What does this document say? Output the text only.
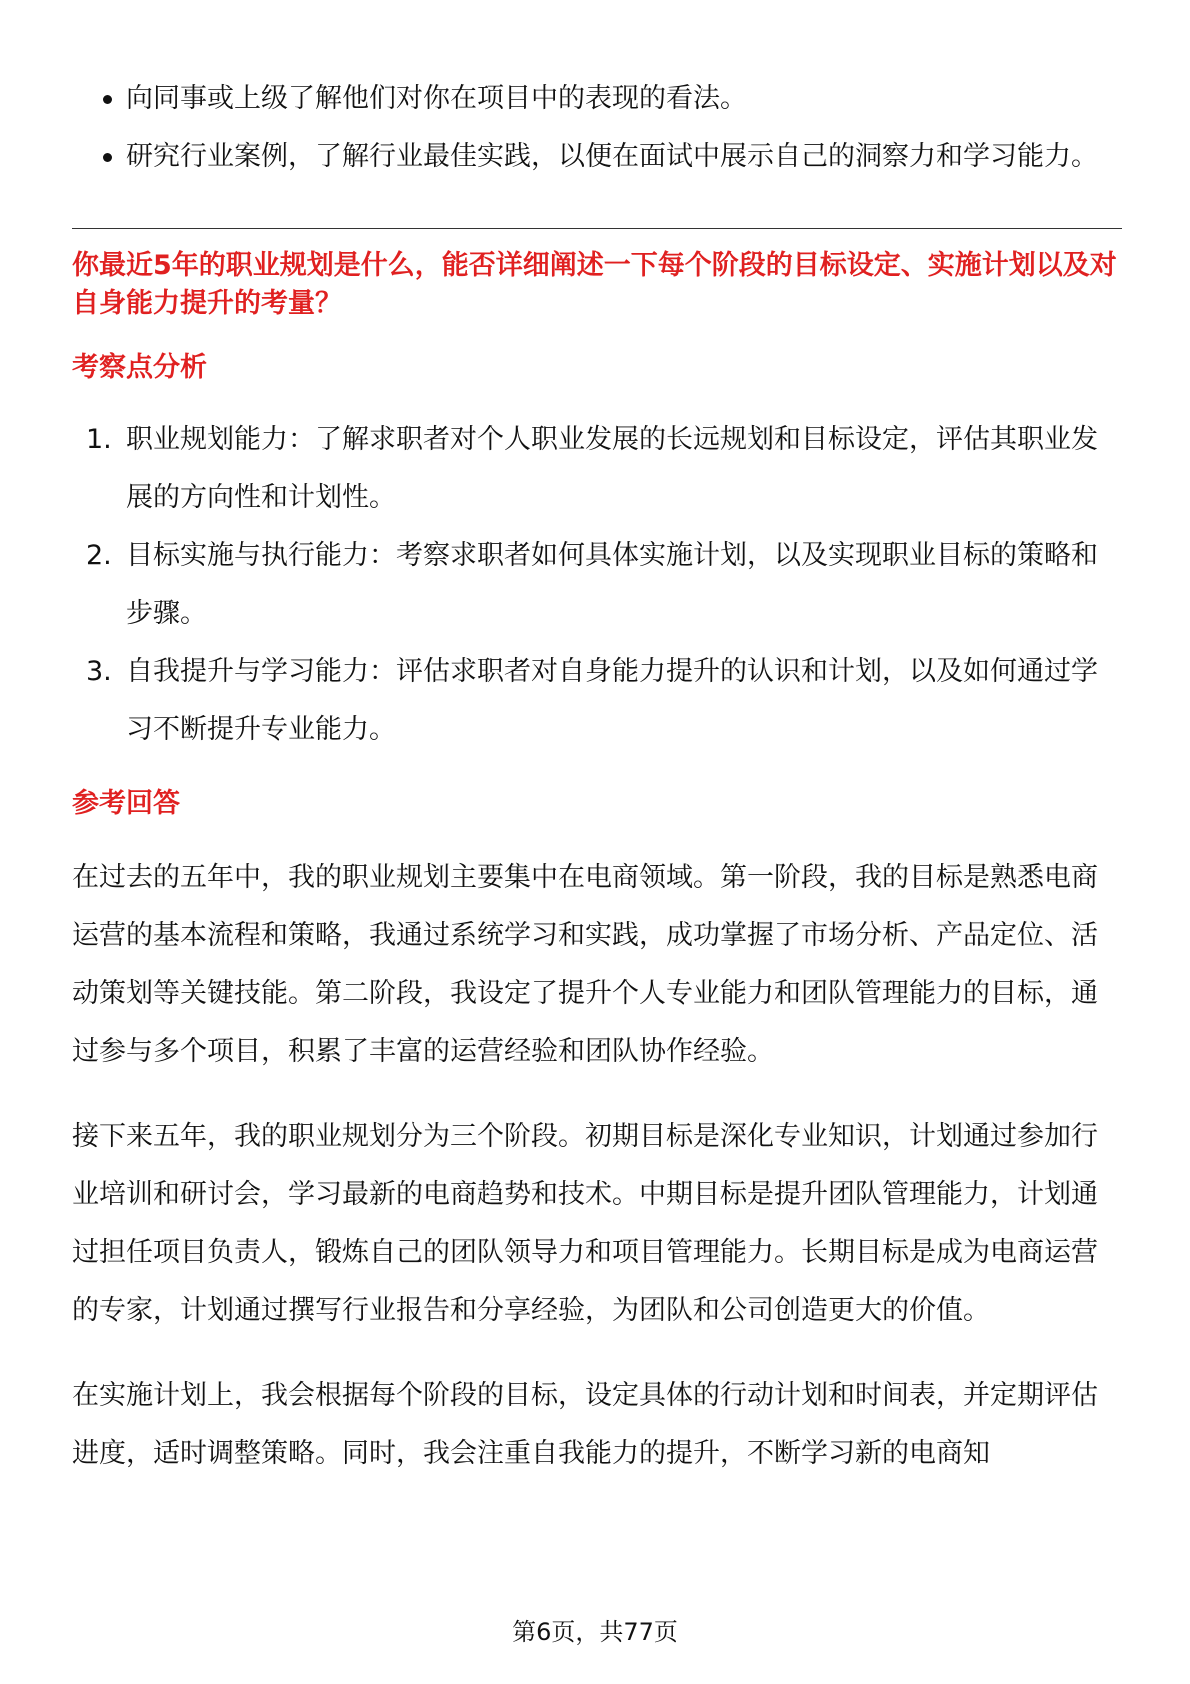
向同事或上级了解他们对你在项目中的表现的看法。
研究行业案例，了解行业最佳实践，以便在面试中展示自己的洞察力和学习能力。
你最近5年的职业规划是什么，能否详细阐述一下每个阶段的目标设定、实施计划以及对自身能力提升的考量？
考察点分析
1. 职业规划能力：了解求职者对个人职业发展的长远规划和目标设定，评估其职业发展的方向性和计划性。
2. 目标实施与执行能力：考察求职者如何具体实施计划，以及实现职业目标的策略和步骤。
3. 自我提升与学习能力：评估求职者对自身能力提升的认识和计划，以及如何通过学习不断提升专业能力。
参考回答
在过去的五年中，我的职业规划主要集中在电商领域。第一阶段，我的目标是熟悉电商运营的基本流程和策略，我通过系统学习和实践，成功掌握了市场分析、产品定位、活动策划等关键技能。第二阶段，我设定了提升个人专业能力和团队管理能力的目标，通过参与多个项目，积累了丰富的运营经验和团队协作经验。
接下来五年，我的职业规划分为三个阶段。初期目标是深化专业知识，计划通过参加行业培训和研讨会，学习最新的电商趋势和技术。中期目标是提升团队管理能力，计划通过担任项目负责人，锻炼自己的团队领导力和项目管理能力。长期目标是成为电商运营的专家，计划通过撰写行业报告和分享经验，为团队和公司创造更大的价值。
在实施计划上，我会根据每个阶段的目标，设定具体的行动计划和时间表，并定期评估进度，适时调整策略。同时，我会注重自我能力的提升，不断学习新的电商知
第6页，共77页
